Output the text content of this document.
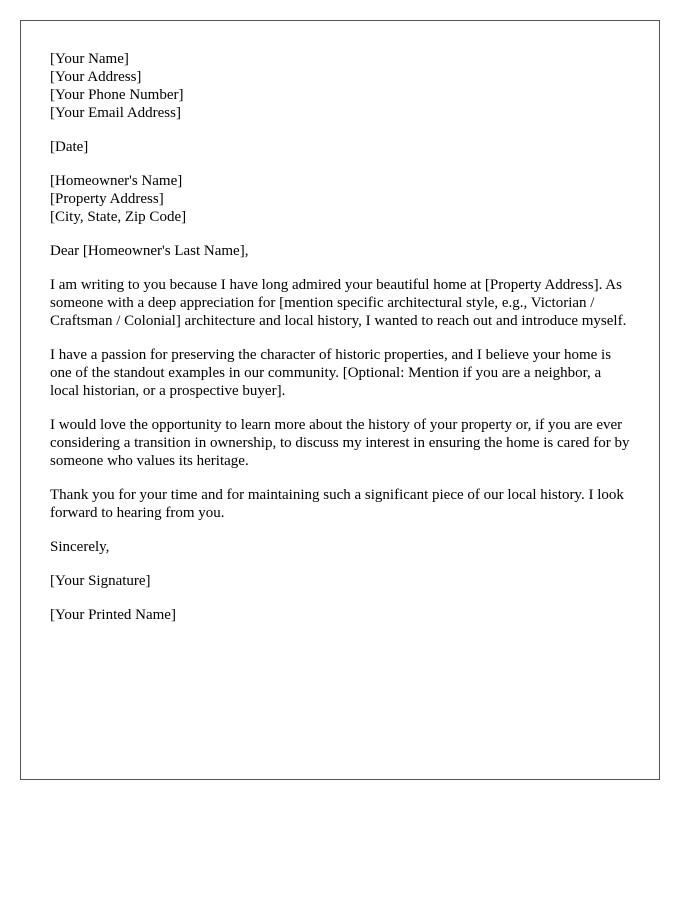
[Your Name]
[Your Address]
[Your Phone Number]
[Your Email Address]
[Date]
[Homeowner's Name]
[Property Address]
[City, State, Zip Code]

Dear [Homeowner's Last Name],

I am writing to you because I have long admired your beautiful home at [Property Address]. As someone with a deep appreciation for [mention specific architectural style, e.g., Victorian / Craftsman / Colonial] architecture and local history, I wanted to reach out and introduce myself.

I have a passion for preserving the character of historic properties, and I believe your home is one of the standout examples in our community. [Optional: Mention if you are a neighbor, a local historian, or a prospective buyer].

I would love the opportunity to learn more about the history of your property or, if you are ever considering a transition in ownership, to discuss my interest in ensuring the home is cared for by someone who values its heritage.

Thank you for your time and for maintaining such a significant piece of our local history. I look forward to hearing from you.

Sincerely,

[Your Signature]

[Your Printed Name]
